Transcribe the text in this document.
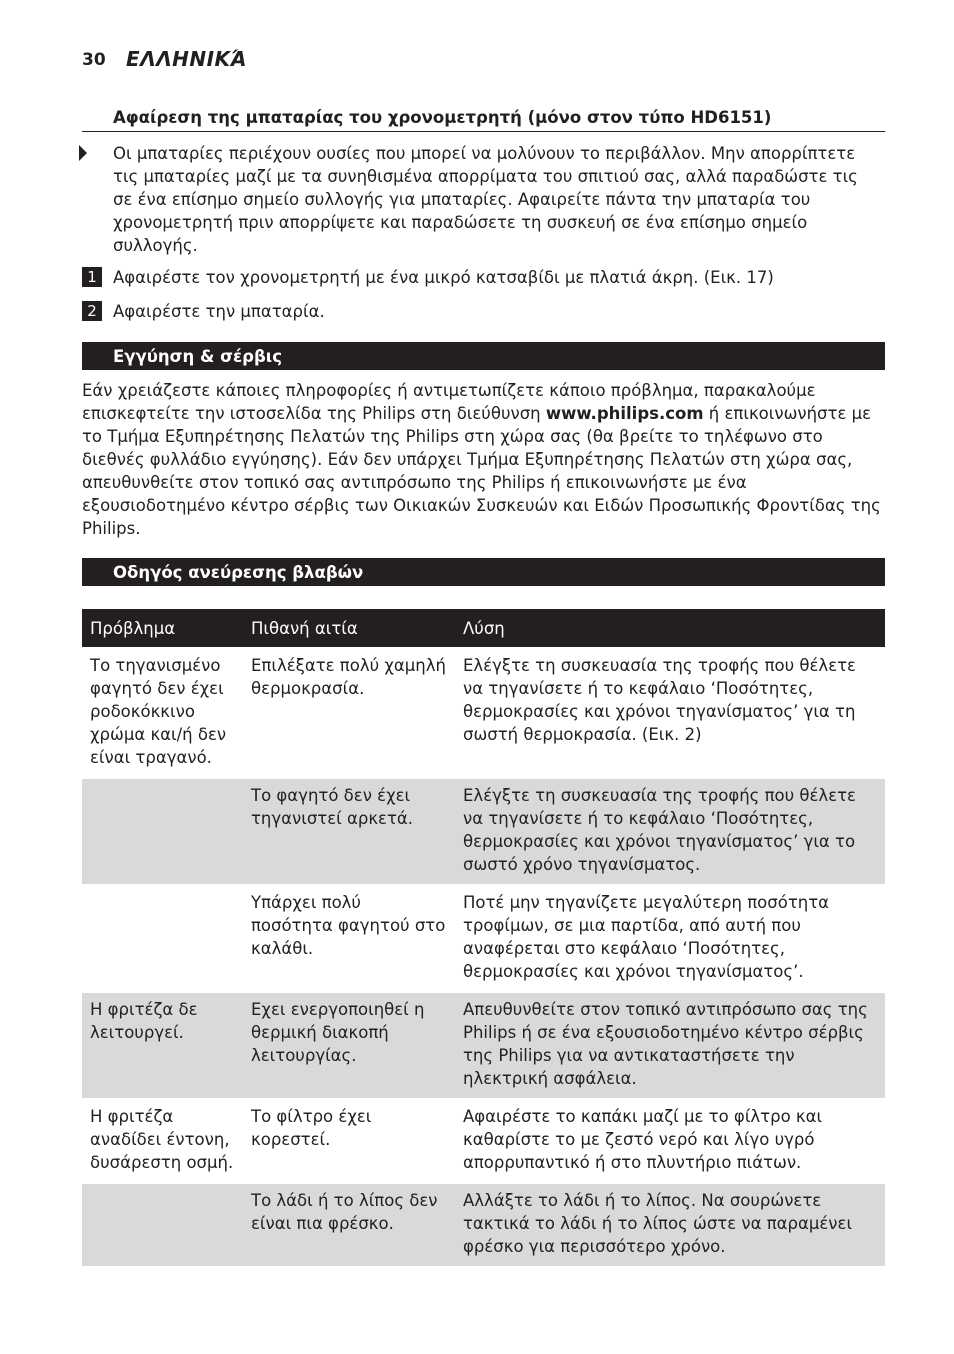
30 ΕΛΛΗΝΙΚΆ
Αφαίρεση της μπαταρίας του χρονομετρητή (μόνο στον τύπο HD6151)
Οι μπαταρίες περιέχουν ουσίες που μπορεί να μολύνουν το περιβάλλον. Μην απορρίπτετε τις μπαταρίες μαζί με τα συνηθισμένα απορρίματα του σπιτιού σας, αλλά παραδώστε τις σε ένα επίσημο σημείο συλλογής για μπαταρίες. Αφαιρείτε πάντα την μπαταρία του χρονομετρητή πριν απορρίψετε και παραδώσετε τη συσκευή σε ένα επίσημο σημείο συλλογής.
1 Αφαιρέστε τον χρονομετρητή με ένα μικρό κατσαβίδι με πλατιά άκρη. (Εικ. 17)
2 Αφαιρέστε την μπαταρία.
Εγγύηση & σέρβις
Εάν χρειάζεστε κάποιες πληροφορίες ή αντιμετωπίζετε κάποιο πρόβλημα, παρακαλούμε επισκεφτείτε την ιστοσελίδα της Philips στη διεύθυνση www.philips.com ή επικοινωνήστε με το Τμήμα Εξυπηρέτησης Πελατών της Philips στη χώρα σας (θα βρείτε το τηλέφωνο στο διεθνές φυλλάδιο εγγύησης). Εάν δεν υπάρχει Τμήμα Εξυπηρέτησης Πελατών στη χώρα σας, απευθυνθείτε στον τοπικό σας αντιπρόσωπο της Philips ή επικοινωνήστε με ένα εξουσιοδοτημένο κέντρο σέρβις των Οικιακών Συσκευών και Ειδών Προσωπικής Φροντίδας της Philips.
Οδηγός ανεύρεσης βλαβών
Πρόβλημα	Πιθανή αιτία	Λύση
Το τηγανισμένο φαγητό δεν έχει ροδοκόκκινο χρώμα και/ή δεν είναι τραγανό.	Επιλέξατε πολύ χαμηλή θερμοκρασία.	Ελέγξτε τη συσκευασία της τροφής που θέλετε να τηγανίσετε ή το κεφάλαιο ‘Ποσότητες, θερμοκρασίες και χρόνοι τηγανίσματος’ για τη σωστή θερμοκρασία. (Εικ. 2)
	Το φαγητό δεν έχει τηγανιστεί αρκετά.	Ελέγξτε τη συσκευασία της τροφής που θέλετε να τηγανίσετε ή το κεφάλαιο ‘Ποσότητες, θερμοκρασίες και χρόνοι τηγανίσματος’ για το σωστό χρόνο τηγανίσματος.
	Υπάρχει πολύ ποσότητα φαγητού στο καλάθι.	Ποτέ μην τηγανίζετε μεγαλύτερη ποσότητα τροφίμων, σε μια παρτίδα, από αυτή που αναφέρεται στο κεφάλαιο ‘Ποσότητες, θερμοκρασίες και χρόνοι τηγανίσματος’.
Η φριτέζα δε λειτουργεί.	Εχει ενεργοποιηθεί η θερμική διακοπή λειτουργίας.	Απευθυνθείτε στον τοπικό αντιπρόσωπο σας της Philips ή σε ένα εξουσιοδοτημένο κέντρο σέρβις της Philips για να αντικαταστήσετε την ηλεκτρική ασφάλεια.
Η φριτέζα αναδίδει έντονη, δυσάρεστη οσμή.	Το φίλτρο έχει κορεστεί.	Αφαιρέστε το καπάκι μαζί με το φίλτρο και καθαρίστε το με ζεστό νερό και λίγο υγρό απορρυπαντικό ή στο πλυντήριο πιάτων.
	Το λάδι ή το λίπος δεν είναι πια φρέσκο.	Αλλάξτε το λάδι ή το λίπος. Να σουρώνετε τακτικά το λάδι ή το λίπος ώστε να παραμένει φρέσκο για περισσότερο χρόνο.
